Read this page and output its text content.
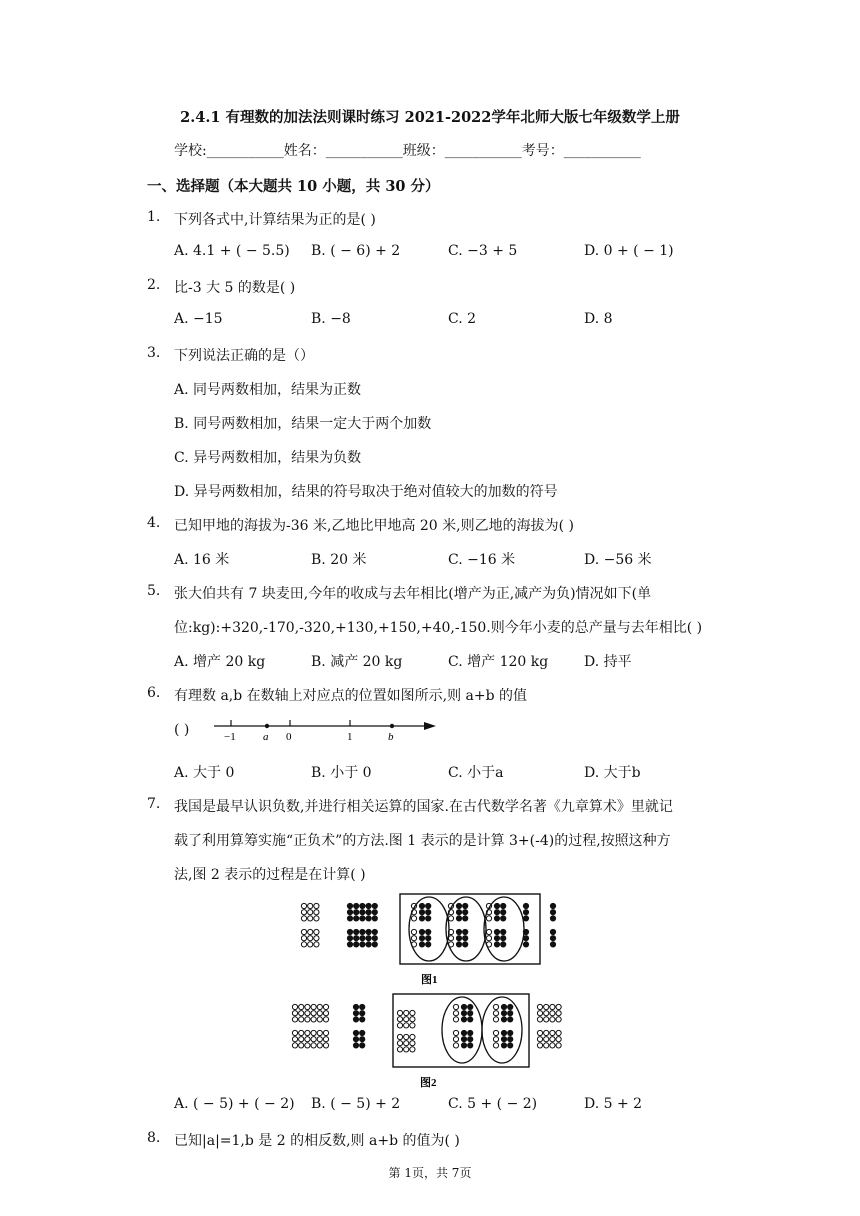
2.4.1 有理数的加法法则课时练习 2021-2022学年北师大版七年级数学上册
学校:___________姓名：___________班级：___________考号：___________
一、选择题（本大题共 10 小题，共 30 分）
1. 下列各式中,计算结果为正的是( )
A. 4.1 + ( − 5.5) B. ( − 6) + 2	C. −3 + 5	D. 0 + ( − 1)
2. 比-3 大 5 的数是( )
A. −15	B. −8	C. 2	D. 8
3. 下列说法正确的是（）
A. 同号两数相加，结果为正数
B. 同号两数相加，结果一定大于两个加数
C. 异号两数相加，结果为负数
D. 异号两数相加，结果的符号取决于绝对值较大的加数的符号
4. 已知甲地的海拔为-36 米,乙地比甲地高 20 米,则乙地的海拔为( )
A. 16 米	B. 20 米	C. −16 米	D. −56 米
5. 张大伯共有 7 块麦田,今年的收成与去年相比(增产为正,减产为负)情况如下(单
位:kg):+320,-170,-320,+130,+150,+40,-150.则今年小麦的总产量与去年相比( )
A. 增产 20 kg	B. 减产 20 kg	C. 增产 120 kg	D. 持平
6. 有理数 a,b 在数轴上对应点的位置如图所示,则 a+b 的值
( )	−1 a 0	1	b
A. 大于 0	B. 小于 0	C. 小于a	D. 大于b
7. 我国是最早认识负数,并进行相关运算的国家.在古代数学名著《九章算术》里就记
载了利用算筹实施“正负术”的方法.图 1 表示的是计算 3+(-4)的过程,按照这种方
法,图 2 表示的过程是在计算( )
图1
图2
A. ( − 5) + ( − 2) B. ( − 5) + 2	C. 5 + ( − 2)	D. 5 + 2
8. 已知|a|=1,b 是 2 的相反数,则 a+b 的值为( )
第 1页，共 7页
